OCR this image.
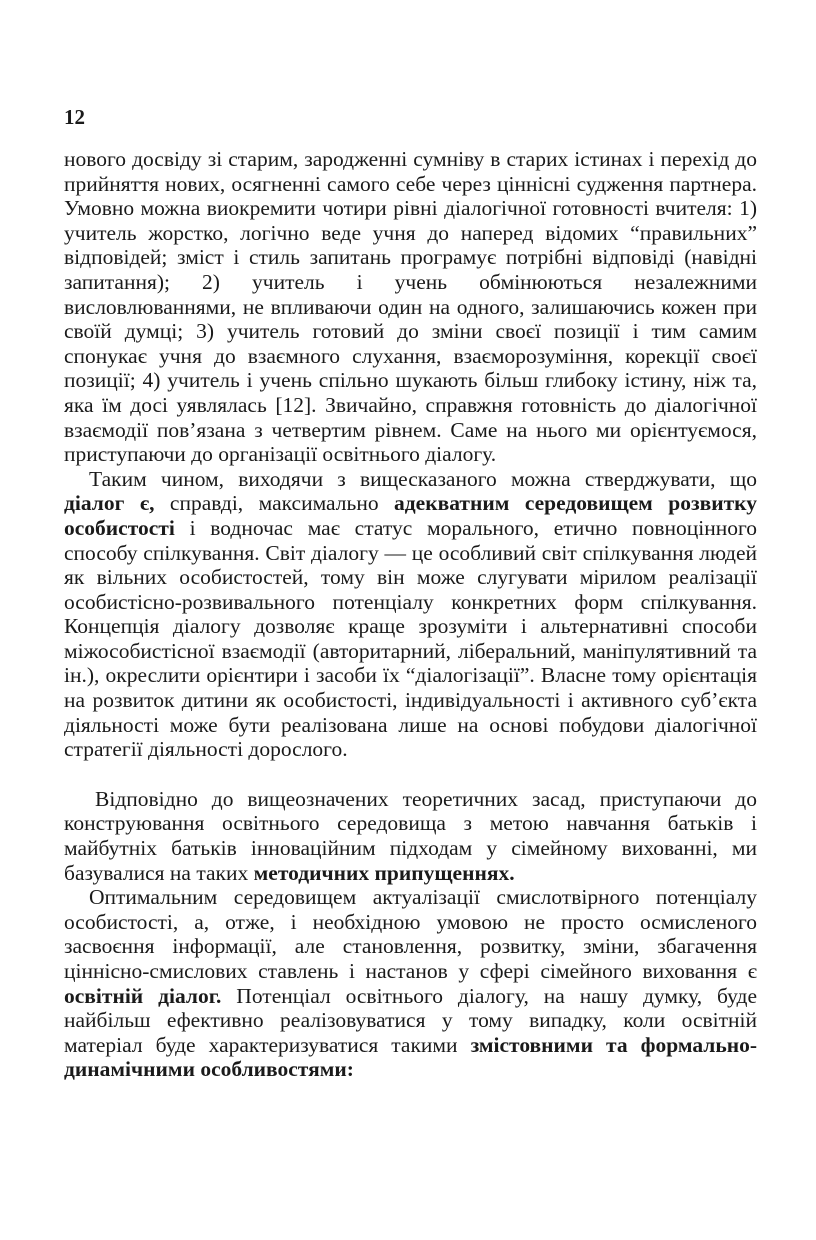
12

нового досвіду зі старим, зародженні сумніву в старих істинах і перехід до прийняття нових, осягненні самого себе через ціннісні судження партнера. Умовно можна виокремити чотири рівні діалогічної готовності вчителя: 1) учитель жорстко, логічно веде учня до наперед відомих “правильних” відповідей; зміст і стиль запитань програмує потрібні відповіді (навідні запитання); 2) учитель і учень обмінюються незалежними висловлюваннями, не впливаючи один на одного, залишаючись кожен при своїй думці; 3) учитель готовий до зміни своєї позиції і тим самим спонукає учня до взаємного слухання, взаєморозуміння, корекції своєї позиції; 4) учитель і учень спільно шукають більш глибоку істину, ніж та, яка їм досі уявлялась [12]. Звичайно, справжня готовність до діалогічної взаємодії пов’язана з четвертим рівнем. Саме на нього ми орієнтуємося, приступаючи до організації освітнього діалогу.

Таким чином, виходячи з вищесказаного можна стверджувати, що діалог є, справді, максимально адекватним середовищем розвитку особистості і водночас має статус морального, етично повноцінного способу спілкування. Світ діалогу — це особливий світ спілкування людей як вільних особистостей, тому він може слугувати мірилом реалізації особистісно-розвивального потенціалу конкретних форм спілкування. Концепція діалогу дозволяє краще зрозуміти і альтернативні способи міжособистісної взаємодії (авторитарний, ліберальний, маніпулятивний та ін.), окреслити орієнтири і засоби їх “діалогізації”. Власне тому орієнтація на розвиток дитини як особистості, індивідуальності і активного суб’єкта діяльності може бути реалізована лише на основі побудови діалогічної стратегії діяльності дорослого.

Відповідно до вищеозначених теоретичних засад, приступаючи до конструювання освітнього середовища з метою навчання батьків і майбутніх батьків інноваційним підходам у сімейному вихованні, ми базувалися на таких методичних припущеннях.

Оптимальним середовищем актуалізації смислотвірного потенціалу особистості, а, отже, і необхідною умовою не просто осмисленого засвоєння інформації, але становлення, розвитку, зміни, збагачення ціннісно-смислових ставлень і настанов у сфері сімейного виховання є освітній діалог. Потенціал освітнього діалогу, на нашу думку, буде найбільш ефективно реалізовуватися у тому випадку, коли освітній матеріал буде характеризуватися такими змістовними та формально-динамічними особливостями:
